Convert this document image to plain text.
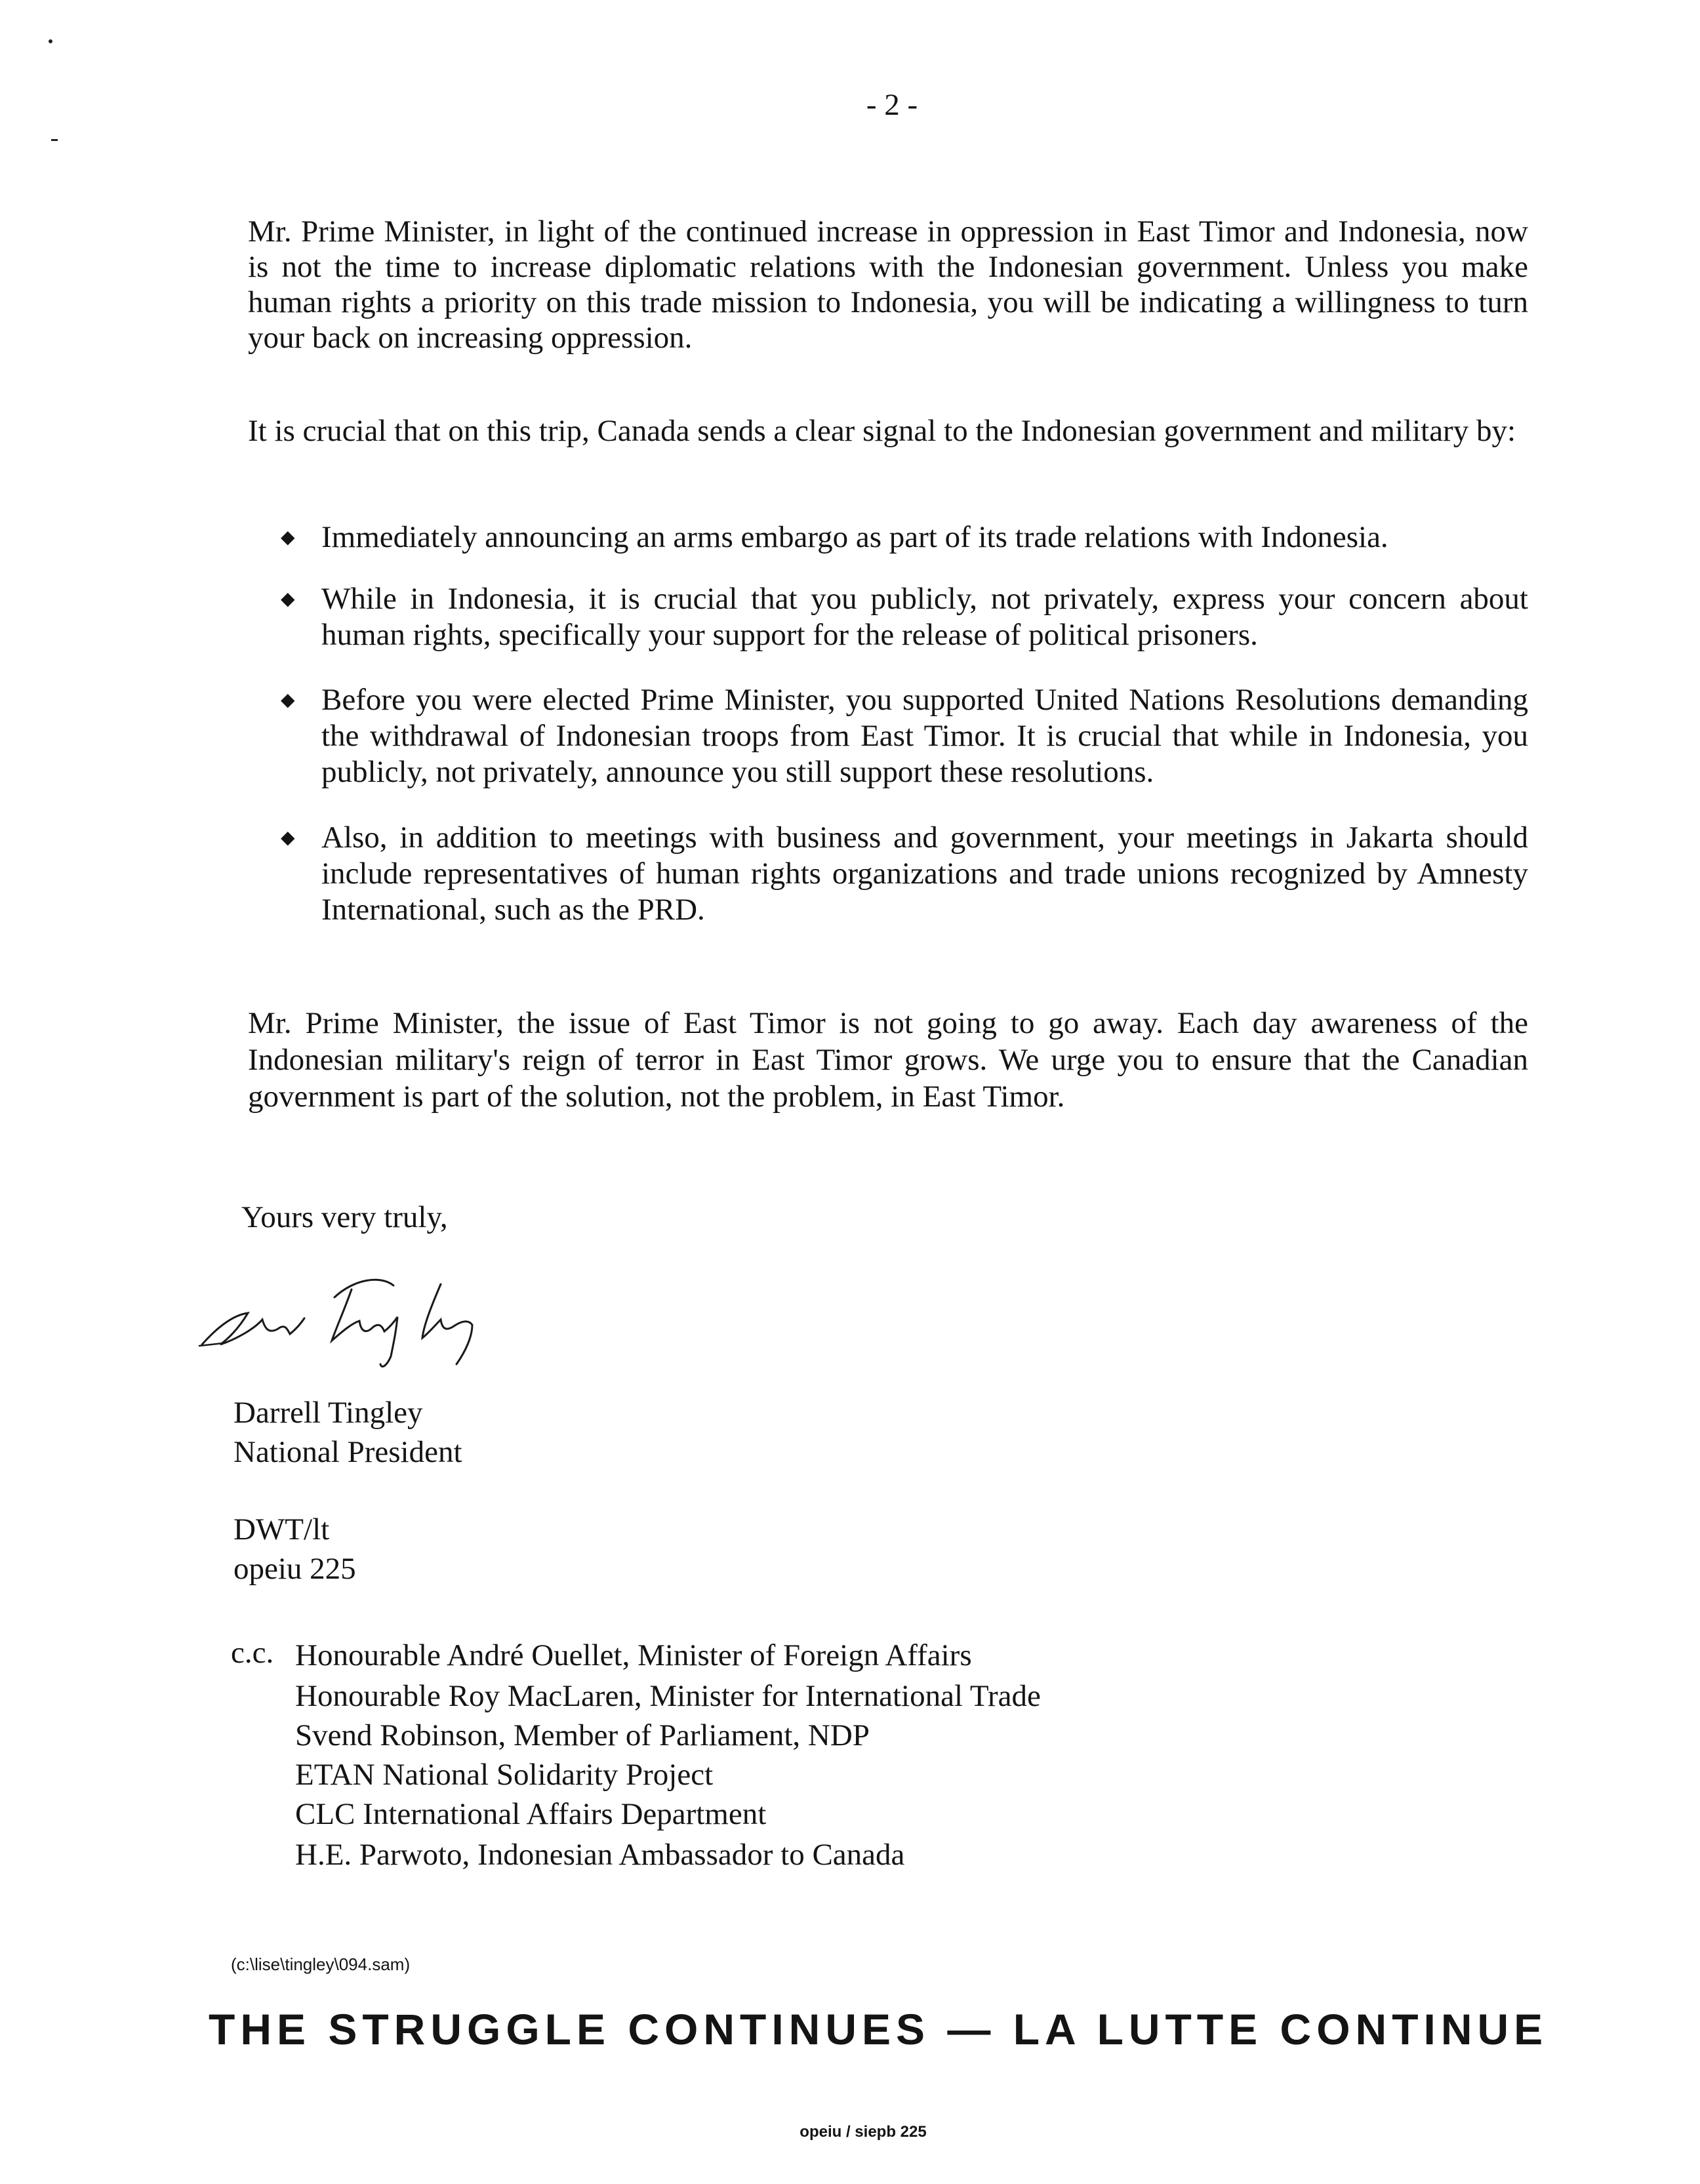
- 2 -
Mr. Prime Minister, in light of the continued increase in oppression in East Timor and Indonesia, now is not the time to increase diplomatic relations with the Indonesian government. Unless you make human rights a priority on this trade mission to Indonesia, you will be indicating a willingness to turn your back on increasing oppression.
It is crucial that on this trip, Canada sends a clear signal to the Indonesian government and military by:
◆ Immediately announcing an arms embargo as part of its trade relations with Indonesia.
◆ While in Indonesia, it is crucial that you publicly, not privately, express your concern about human rights, specifically your support for the release of political prisoners.
◆ Before you were elected Prime Minister, you supported United Nations Resolutions demanding the withdrawal of Indonesian troops from East Timor. It is crucial that while in Indonesia, you publicly, not privately, announce you still support these resolutions.
◆ Also, in addition to meetings with business and government, your meetings in Jakarta should include representatives of human rights organizations and trade unions recognized by Amnesty International, such as the PRD.
Mr. Prime Minister, the issue of East Timor is not going to go away. Each day awareness of the Indonesian military's reign of terror in East Timor grows. We urge you to ensure that the Canadian government is part of the solution, not the problem, in East Timor.
Yours very truly,
Darrell Tingley
National President
DWT/lt
opeiu 225
c.c. Honourable André Ouellet, Minister of Foreign Affairs
Honourable Roy MacLaren, Minister for International Trade
Svend Robinson, Member of Parliament, NDP
ETAN National Solidarity Project
CLC International Affairs Department
H.E. Parwoto, Indonesian Ambassador to Canada
(c:\lise\tingley\094.sam)
THE STRUGGLE CONTINUES — LA LUTTE CONTINUE
opeiu / siepb 225
